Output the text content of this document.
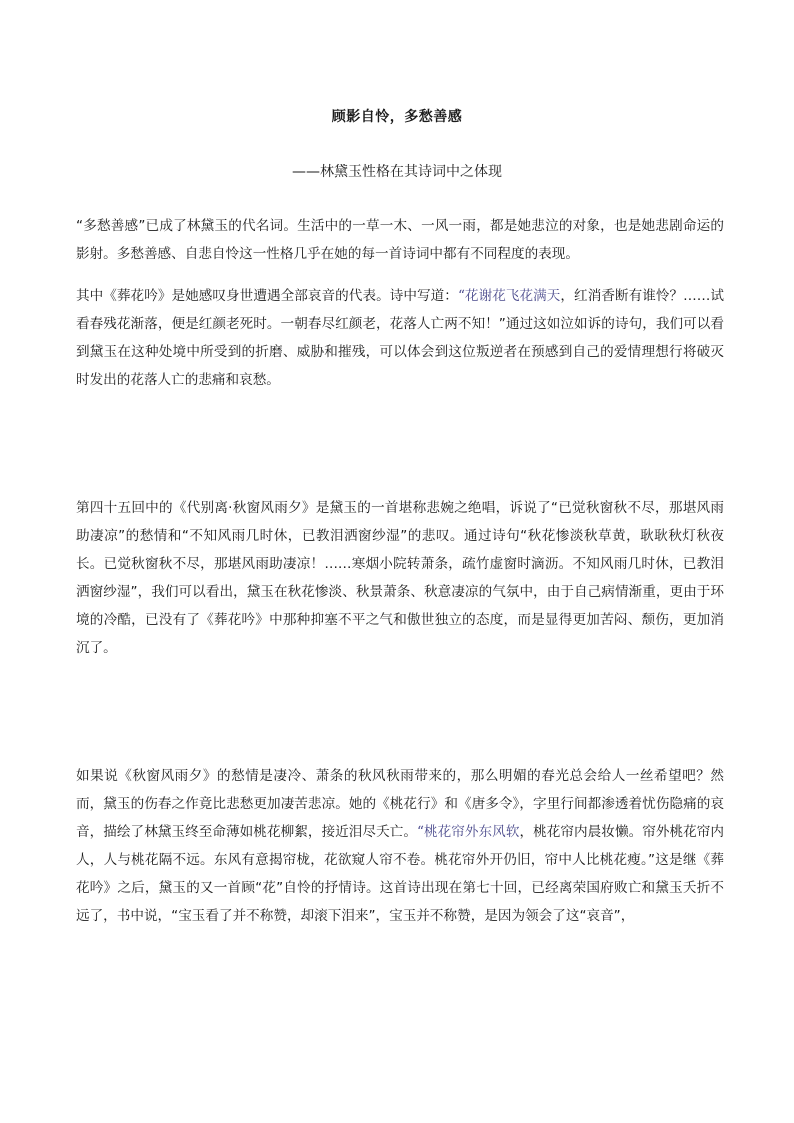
顾影自怜，多愁善感
——林黛玉性格在其诗词中之体现
“多愁善感”已成了林黛玉的代名词。生活中的一草一木、一风一雨，都是她悲泣的对象，也是她悲剧命运的影射。多愁善感、自悲自怜这一性格几乎在她的每一首诗词中都有不同程度的表现。
其中《葬花吟》是她感叹身世遭遇全部哀音的代表。诗中写道：“花谢花飞花满天，红消香断有谁怜？……试看春残花渐落，便是红颜老死时。一朝春尽红颜老，花落人亡两不知！”通过这如泣如诉的诗句，我们可以看到黛玉在这种处境中所受到的折磨、威胁和摧残，可以体会到这位叛逆者在预感到自己的爱情理想行将破灭时发出的花落人亡的悲痛和哀愁。
第四十五回中的《代别离·秋窗风雨夕》是黛玉的一首堪称悲婉之绝唱，诉说了“已觉秋窗秋不尽，那堪风雨助凄凉”的愁情和“不知风雨几时休，已教泪洒窗纱湿”的悲叹。通过诗句“秋花惨淡秋草黄，耿耿秋灯秋夜长。已觉秋窗秋不尽，那堪风雨助凄凉！……寒烟小院转萧条，疏竹虚窗时滴沥。不知风雨几时休，已教泪洒窗纱湿”，我们可以看出，黛玉在秋花惨淡、秋景萧条、秋意凄凉的气氛中，由于自己病情渐重，更由于环境的冷酷，已没有了《葬花吟》中那种抑塞不平之气和傲世独立的态度，而是显得更加苦闷、颓伤，更加消沉了。
如果说《秋窗风雨夕》的愁情是凄冷、萧条的秋风秋雨带来的，那么明媚的春光总会给人一丝希望吧？然而，黛玉的伤春之作竟比悲愁更加凄苦悲凉。她的《桃花行》和《唐多令》，字里行间都渗透着忧伤隐痛的哀音，描绘了林黛玉终至命薄如桃花柳絮，接近泪尽夭亡。“桃花帘外东风软，桃花帘内晨妆懒。帘外桃花帘内人，人与桃花隔不远。东风有意揭帘栊，花欲窥人帘不卷。桃花帘外开仍旧，帘中人比桃花瘦。”这是继《葬花吟》之后，黛玉的又一首顾“花”自怜的抒情诗。这首诗出现在第七十回，已经离荣国府败亡和黛玉夭折不远了，书中说，“宝玉看了并不称赞，却滚下泪来”，宝玉并不称赞，是因为领会了这“哀音”，
